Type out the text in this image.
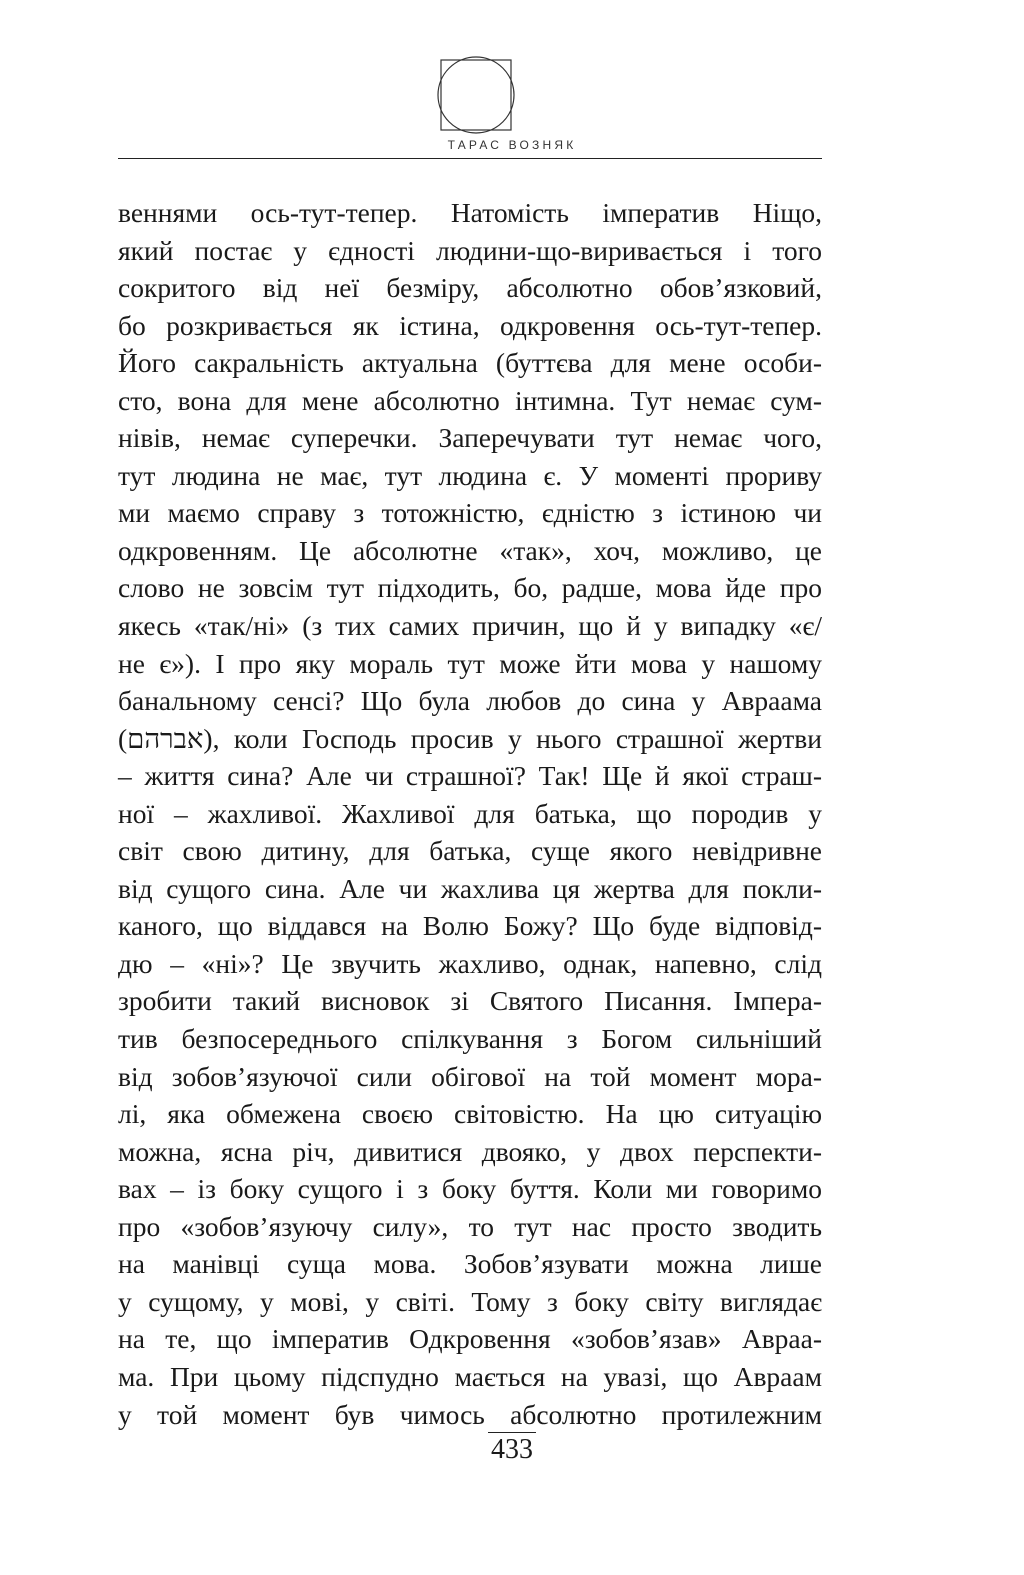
ТАРАС ВОЗНЯК
веннями ось-тут-тепер. Натомість імператив Ніщо,
який постає у єдності людини-що-виривається і того
сокритого від неї безміру, абсолютно обов’язковий,
бо розкривається як істина, одкровення ось-тут-тепер.
Його сакральність актуальна (буттєва для мене особи-
сто, вона для мене абсолютно інтимна. Тут немає сум-
нівів, немає суперечки. Заперечувати тут немає чого,
тут людина не має, тут людина є. У моменті прориву
ми маємо справу з тотожністю, єдністю з істиною чи
одкровенням. Це абсолютне «так», хоч, можливо, це
слово не зовсім тут підходить, бо, радше, мова йде про
якесь «так/ні» (з тих самих причин, що й у випадку «є/
не є»). І про яку мораль тут може йти мова у нашому
банальному сенсі? Що була любов до сина у Авраама
(אברהם), коли Господь просив у нього страшної жертви
– життя сина? Але чи страшної? Так! Ще й якої страш-
ної – жахливої. Жахливої для батька, що породив у
світ свою дитину, для батька, суще якого невідривне
від сущого сина. Але чи жахлива ця жертва для покли-
каного, що віддався на Волю Божу? Що буде відповід-
дю – «ні»? Це звучить жахливо, однак, напевно, слід
зробити такий висновок зі Святого Писання. Імпера-
тив безпосереднього спілкування з Богом сильніший
від зобов’язуючої сили обігової на той момент мора-
лі, яка обмежена своєю світовістю. На цю ситуацію
можна, ясна річ, дивитися двояко, у двох перспекти-
вах – із боку сущого і з боку буття. Коли ми говоримо
про «зобов’язуючу силу», то тут нас просто зводить
на манівці суща мова. Зобов’язувати можна лише
у сущому, у мові, у світі. Тому з боку світу виглядає
на те, що імператив Одкровення «зобов’язав» Авраа-
ма. При цьому підспудно мається на увазі, що Авраам
у той момент був чимось абсолютно протилежним
433
